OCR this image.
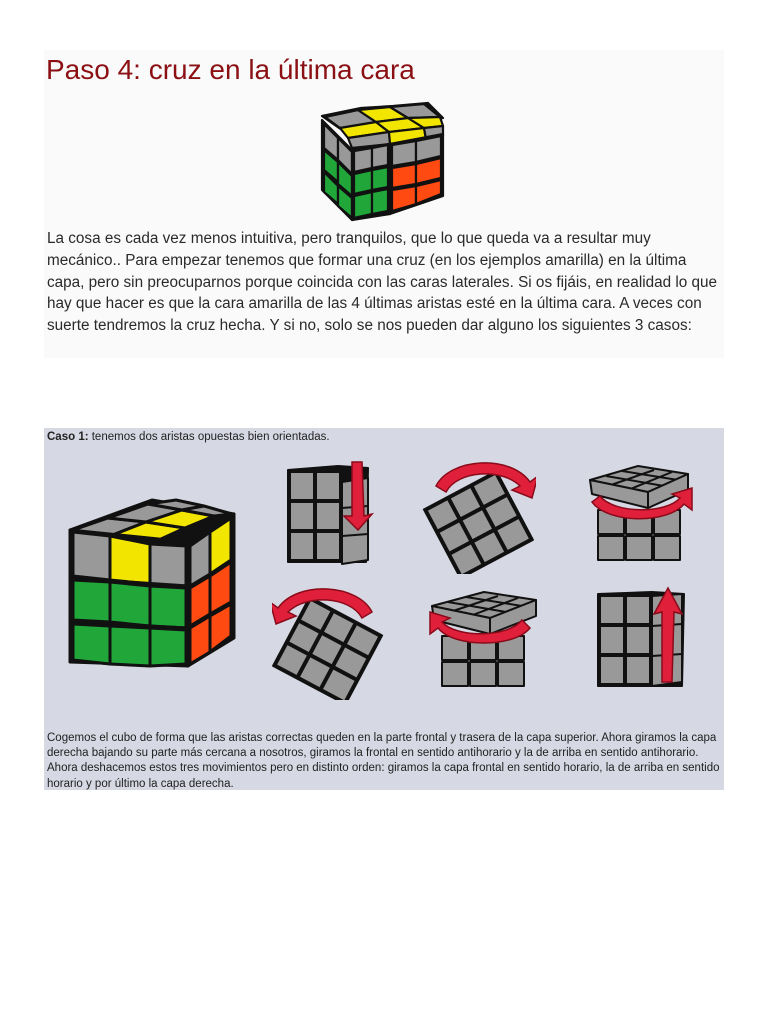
Paso 4: cruz en la última cara

La cosa es cada vez menos intuitiva, pero tranquilos, que lo que queda va a resultar muy mecánico.. Para empezar tenemos que formar una cruz (en los ejemplos amarilla) en la última capa, pero sin preocuparnos porque coincida con las caras laterales. Si os fijáis, en realidad lo que hay que hacer es que la cara amarilla de las 4 últimas aristas esté en la última cara. A veces con suerte tendremos la cruz hecha. Y si no, solo se nos pueden dar alguno los siguientes 3 casos:

Caso 1: tenemos dos aristas opuestas bien orientadas.

Cogemos el cubo de forma que las aristas correctas queden en la parte frontal y trasera de la capa superior. Ahora giramos la capa derecha bajando su parte más cercana a nosotros, giramos la frontal en sentido antihorario y la de arriba en sentido antihorario. Ahora deshacemos estos tres movimientos pero en distinto orden: giramos la capa frontal en sentido horario, la de arriba en sentido horario y por último la capa derecha.
